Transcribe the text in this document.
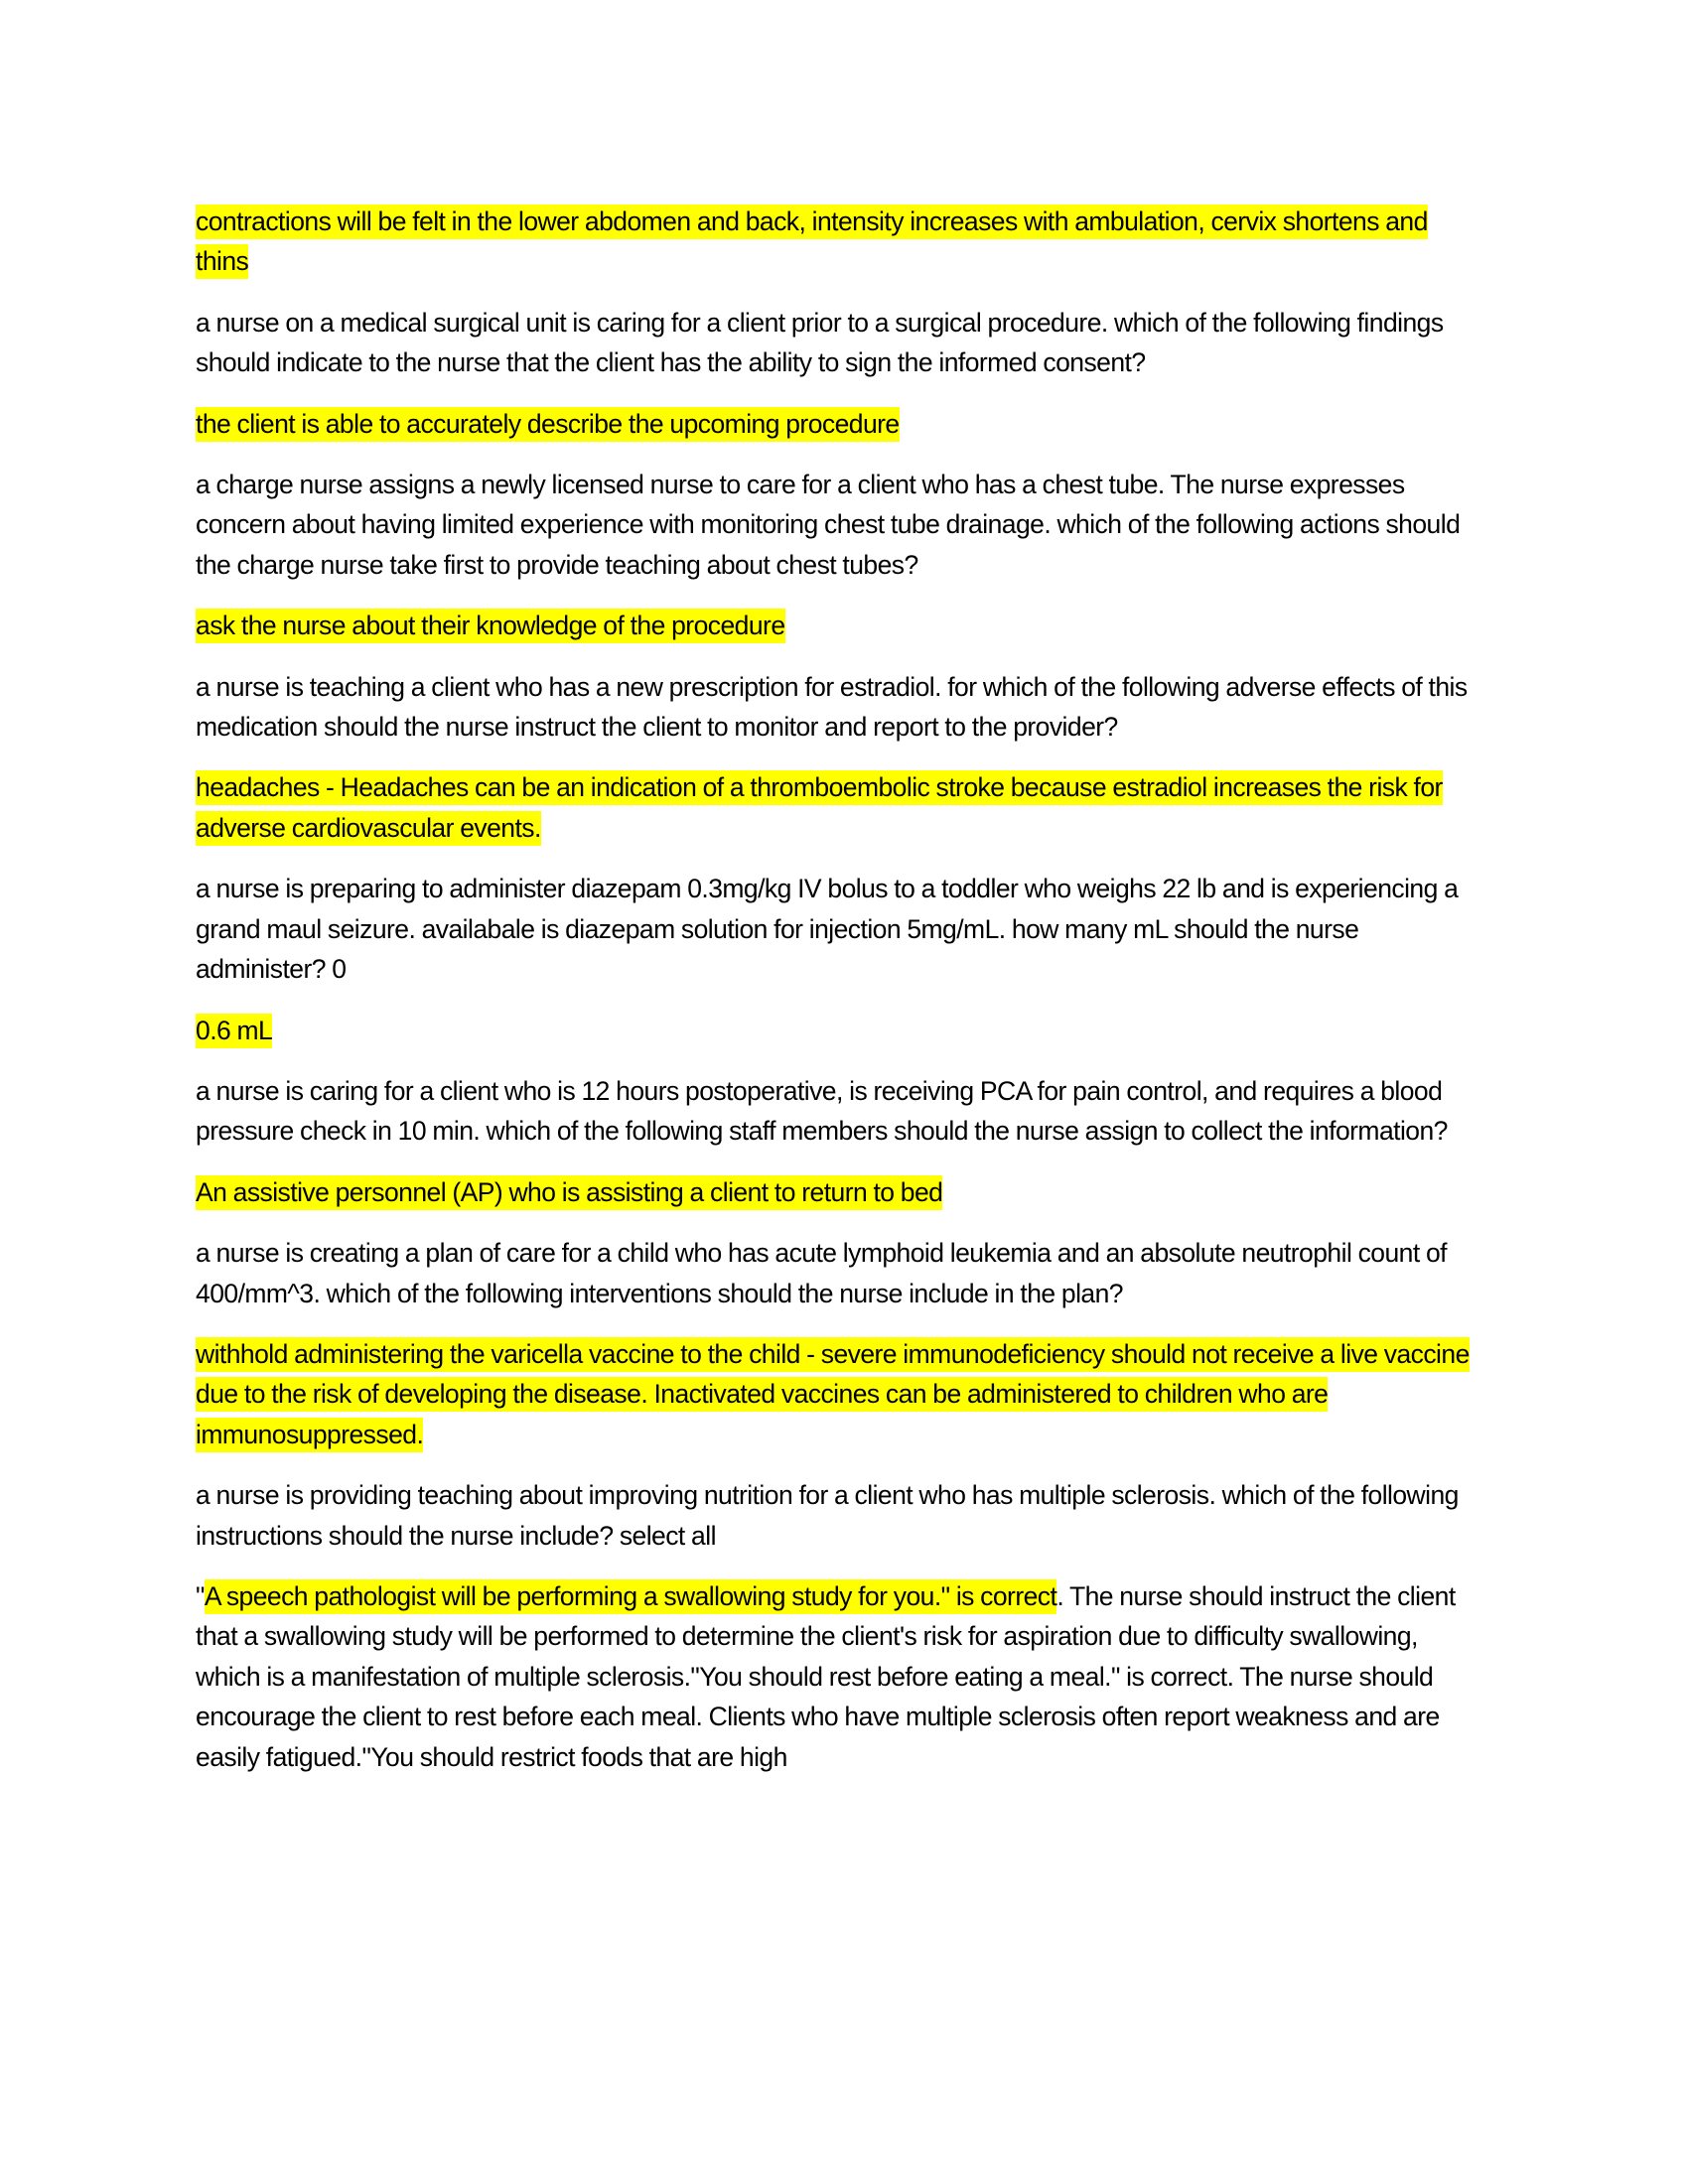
contractions will be felt in the lower abdomen and back, intensity increases with ambulation, cervix shortens and thins

a nurse on a medical surgical unit is caring for a client prior to a surgical procedure. which of the following findings should indicate to the nurse that the client has the ability to sign the informed consent?

the client is able to accurately describe the upcoming procedure

a charge nurse assigns a newly licensed nurse to care for a client who has a chest tube. The nurse expresses concern about having limited experience with monitoring chest tube drainage. which of the following actions should the charge nurse take first to provide teaching about chest tubes?

ask the nurse about their knowledge of the procedure

a nurse is teaching a client who has a new prescription for estradiol. for which of the following adverse effects of this medication should the nurse instruct the client to monitor and report to the provider?

headaches - Headaches can be an indication of a thromboembolic stroke because estradiol increases the risk for adverse cardiovascular events.

a nurse is preparing to administer diazepam 0.3mg/kg IV bolus to a toddler who weighs 22 lb and is experiencing a grand maul seizure. availabale is diazepam solution for injection 5mg/mL. how many mL should the nurse administer? 0

0.6 mL

a nurse is caring for a client who is 12 hours postoperative, is receiving PCA for pain control, and requires a blood pressure check in 10 min. which of the following staff members should the nurse assign to collect the information?

An assistive personnel (AP) who is assisting a client to return to bed

a nurse is creating a plan of care for a child who has acute lymphoid leukemia and an absolute neutrophil count of 400/mm^3. which of the following interventions should the nurse include in the plan?

withhold administering the varicella vaccine to the child - severe immunodeficiency should not receive a live vaccine due to the risk of developing the disease. Inactivated vaccines can be administered to children who are immunosuppressed.

a nurse is providing teaching about improving nutrition for a client who has multiple sclerosis. which of the following instructions should the nurse include? select all

"A speech pathologist will be performing a swallowing study for you." is correct. The nurse should instruct the client that a swallowing study will be performed to determine the client's risk for aspiration due to difficulty swallowing, which is a manifestation of multiple sclerosis."You should rest before eating a meal." is correct. The nurse should encourage the client to rest before each meal. Clients who have multiple sclerosis often report weakness and are easily fatigued."You should restrict foods that are high
